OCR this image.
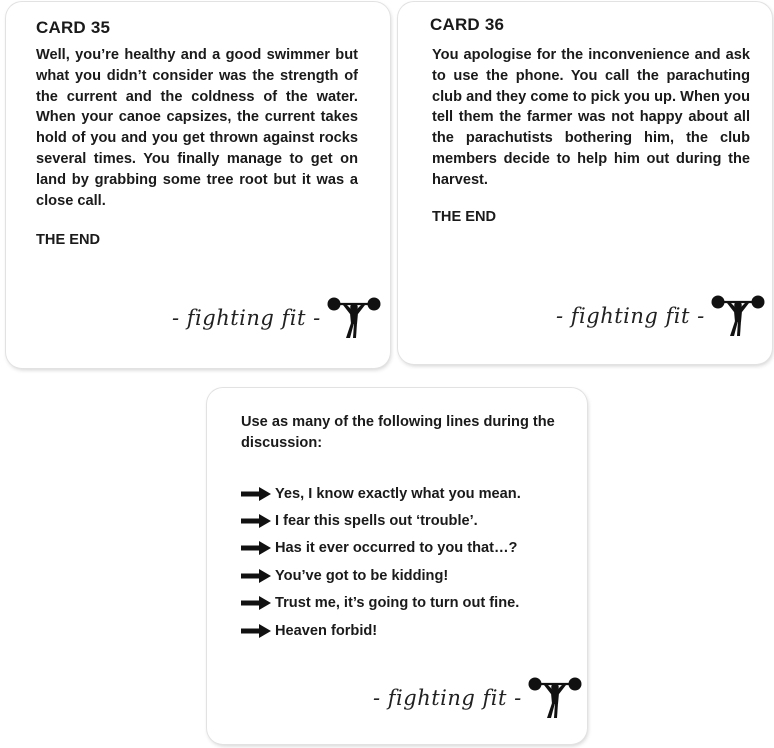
CARD 35

Well, you’re healthy and a good swimmer but what you didn’t consider was the strength of the current and the coldness of the water. When your canoe capsizes, the current takes hold of you and you get thrown against rocks several times. You finally manage to get on land by grabbing some tree root but it was a close call.

THE END
- fighting fit -
CARD 36

You apologise for the inconvenience and ask to use the phone. You call the parachuting club and they come to pick you up. When you tell them the farmer was not happy about all the parachutists bothering him, the club members decide to help him out during the harvest.

THE END
- fighting fit -

Use as many of the following lines during the discussion:

Yes, I know exactly what you mean.
I fear this spells out ‘trouble’.
Has it ever occurred to you that…?
You’ve got to be kidding!
Trust me, it’s going to turn out fine.
Heaven forbid!
- fighting fit -
